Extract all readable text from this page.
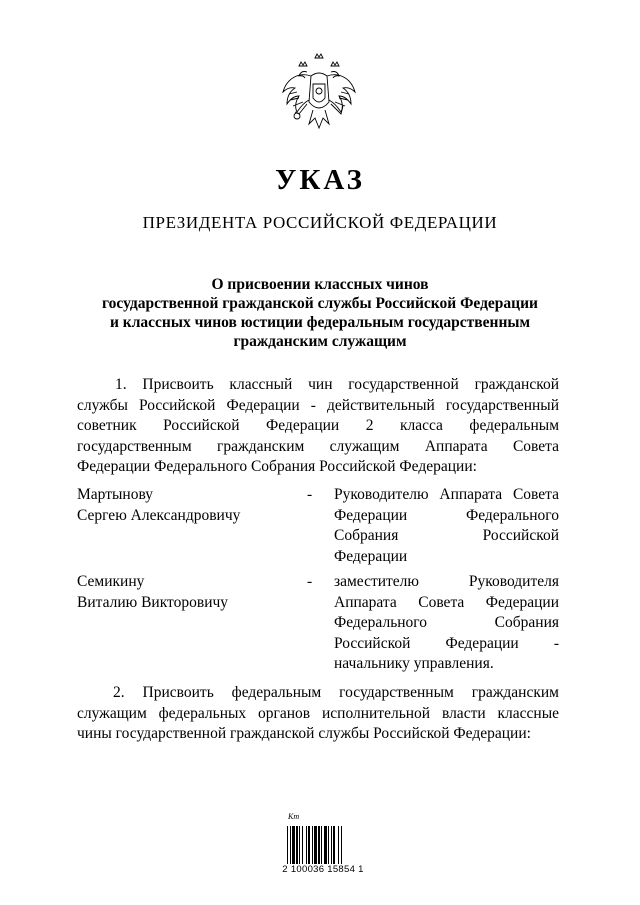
УКАЗ
ПРЕЗИДЕНТА РОССИЙСКОЙ ФЕДЕРАЦИИ
О присвоении классных чинов
государственной гражданской службы Российской Федерации
и классных чинов юстиции федеральным государственным
гражданским служащим
1. Присвоить классный чин государственной гражданской
службы Российской Федерации - действительный государственный
советник Российской Федерации 2 класса федеральным
государственным гражданским служащим Аппарата Совета
Федерации Федерального Собрания Российской Федерации:
Мартынову
Сергею Александровичу
- Руководителю Аппарата Совета
Федерации Федерального
Собрания Российской
Федерации
Семикину
Виталию Викторовичу
- заместителю Руководителя
Аппарата Совета Федерации
Федерального Собрания
Российской Федерации -
начальнику управления.
2. Присвоить федеральным государственным гражданским
служащим федеральных органов исполнительной власти классные
чины государственной гражданской службы Российской Федерации:
Кт
2 100036 15854 1
